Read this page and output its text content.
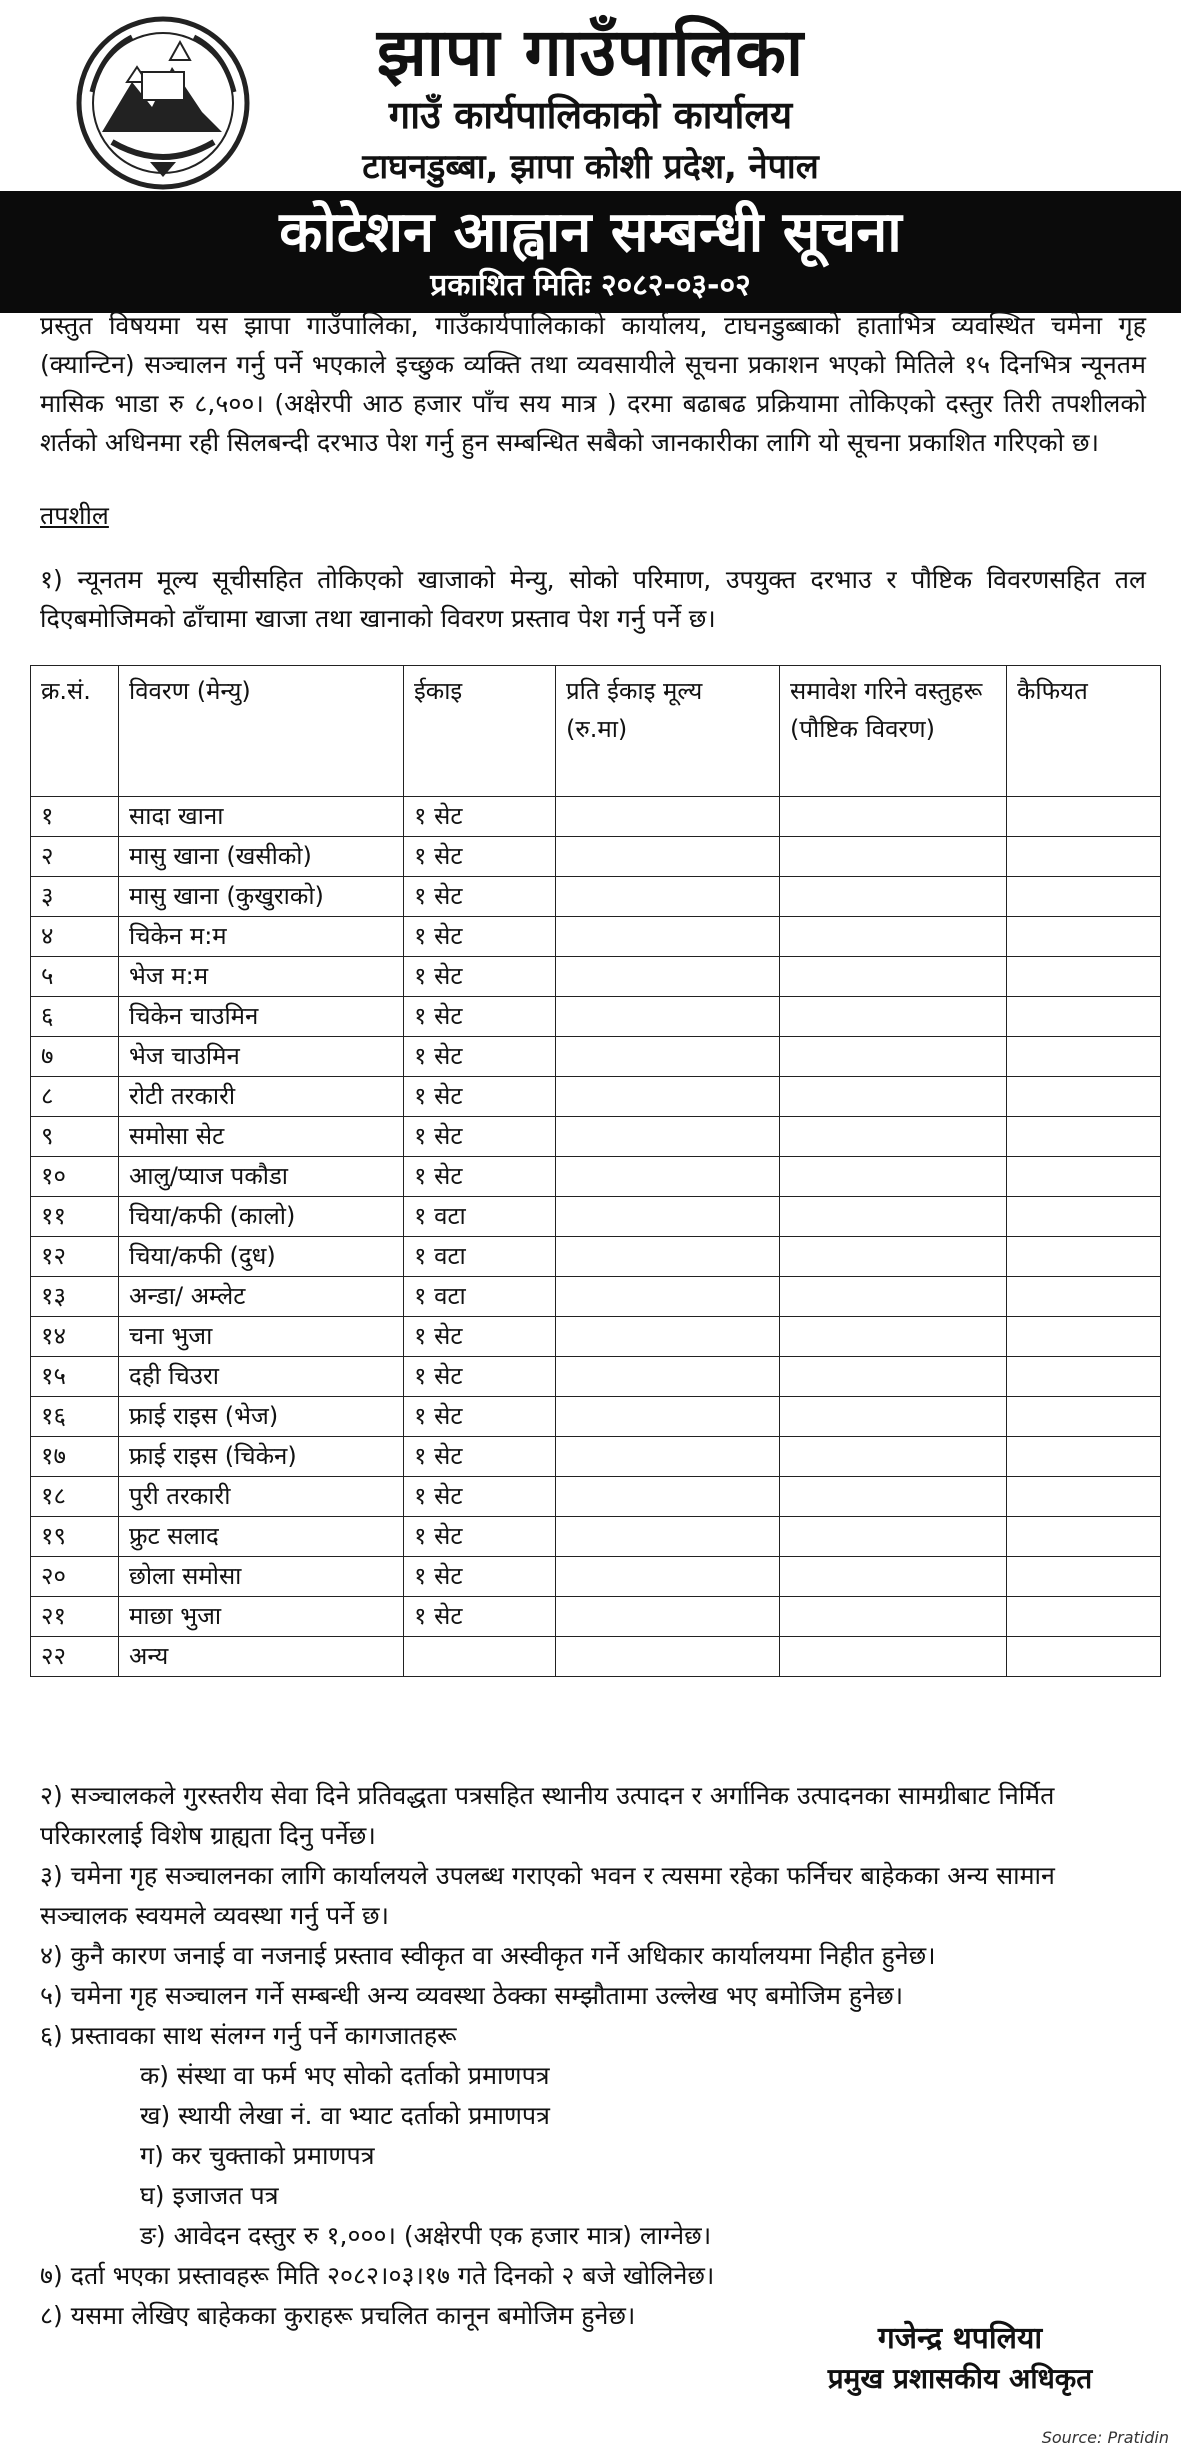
झापा गाउँपालिका
गाउँ कार्यपालिकाको कार्यालय
टाघनडुब्बा, झापा कोशी प्रदेश, नेपाल
कोटेशन आह्वान सम्बन्धी सूचना
प्रकाशित मितिः २०८२-०३-०२
प्रस्तुत विषयमा यस झापा गाउँपालिका, गाउँकार्यपालिकाको कार्यालय, टाघनडुब्बाको हाताभित्र व्यवस्थित चमेना गृह (क्यान्टिन) सञ्चालन गर्नु पर्ने भएकाले इच्छुक व्यक्ति तथा व्यवसायीले सूचना प्रकाशन भएको मितिले १५ दिनभित्र न्यूनतम मासिक भाडा रु ८,५००। (अक्षेरपी आठ हजार पाँच सय मात्र ) दरमा बढाबढ प्रक्रियामा तोकिएको दस्तुर तिरी तपशीलको शर्तको अधिनमा रही सिलबन्दी दरभाउ पेश गर्नु हुन सम्बन्धित सबैको जानकारीका लागि यो सूचना प्रकाशित गरिएको छ।
तपशील
१) न्यूनतम मूल्य सूचीसहित तोकिएको खाजाको मेन्यु, सोको परिमाण, उपयुक्त दरभाउ र पौष्टिक विवरणसहित तल दिएबमोजिमको ढाँचामा खाजा तथा खानाको विवरण प्रस्ताव पेश गर्नु पर्ने छ।
क्र.सं.	विवरण (मेन्यु)	ईकाइ	प्रति ईकाइ मूल्य (रु.मा)	समावेश गरिने वस्तुहरू (पौष्टिक विवरण)	कैफियत
१	सादा खाना	१ सेट			
२	मासु खाना (खसीको)	१ सेट			
३	मासु खाना (कुखुराको)	१ सेट			
४	चिकेन म:म	१ सेट			
५	भेज म:म	१ सेट			
६	चिकेन चाउमिन	१ सेट			
७	भेज चाउमिन	१ सेट			
८	रोटी तरकारी	१ सेट			
९	समोसा सेट	१ सेट			
१०	आलु/प्याज पकौडा	१ सेट			
११	चिया/कफी (कालो)	१ वटा			
१२	चिया/कफी (दुध)	१ वटा			
१३	अन्डा/ अम्लेट	१ वटा			
१४	चना भुजा	१ सेट			
१५	दही चिउरा	१ सेट			
१६	फ्राई राइस (भेज)	१ सेट			
१७	फ्राई राइस (चिकेन)	१ सेट			
१८	पुरी तरकारी	१ सेट			
१९	फ्रुट सलाद	१ सेट			
२०	छोला समोसा	१ सेट			
२१	माछा भुजा	१ सेट			
२२	अन्य				

२) सञ्चालकले गुरस्तरीय सेवा दिने प्रतिवद्धता पत्रसहित स्थानीय उत्पादन र अर्गानिक उत्पादनका सामग्रीबाट निर्मित परिकारलाई विशेष ग्राह्यता दिनु पर्नेछ।

३) चमेना गृह सञ्चालनका लागि कार्यालयले उपलब्ध गराएको भवन र त्यसमा रहेका फर्निचर बाहेकका अन्य सामान सञ्चालक स्वयमले व्यवस्था गर्नु पर्ने छ।

४) कुनै कारण जनाई वा नजनाई प्रस्ताव स्वीकृत वा अस्वीकृत गर्ने अधिकार कार्यालयमा निहीत हुनेछ।

५) चमेना गृह सञ्चालन गर्ने सम्बन्धी अन्य व्यवस्था ठेक्का सम्झौतामा उल्लेख भए बमोजिम हुनेछ।

६) प्रस्तावका साथ संलग्न गर्नु पर्ने कागजातहरू

क) संस्था वा फर्म भए सोको दर्ताको प्रमाणपत्र

ख) स्थायी लेखा नं. वा भ्याट दर्ताको प्रमाणपत्र

ग) कर चुक्ताको प्रमाणपत्र

घ) इजाजत पत्र

ङ) आवेदन दस्तुर रु १,०००। (अक्षेरपी एक हजार मात्र) लाग्नेछ।

७) दर्ता भएका प्रस्तावहरू मिति २०८२।०३।१७ गते दिनको २ बजे खोलिनेछ।

८) यसमा लेखिए बाहेकका कुराहरू प्रचलित कानून बमोजिम हुनेछ।

गजेन्द्र थपलिया
प्रमुख प्रशासकीय अधिकृत
Source: Pratidin
